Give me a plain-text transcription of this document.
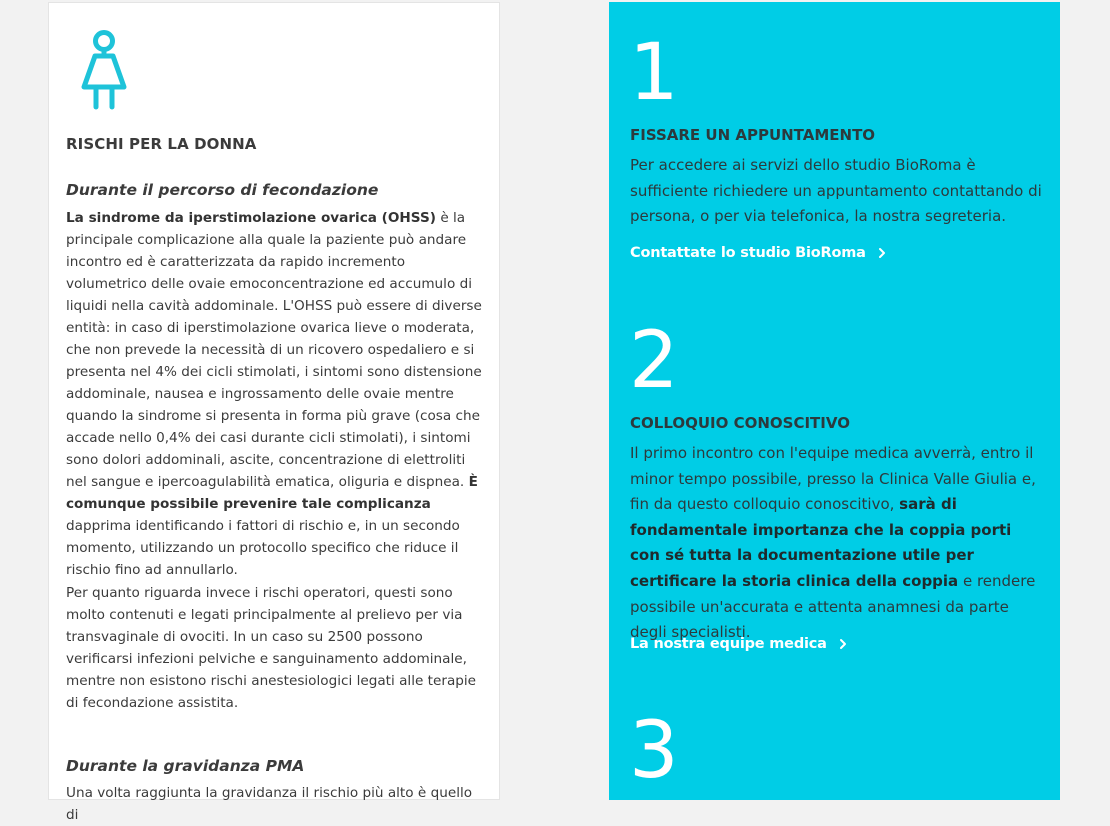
RISCHI PER LA DONNA
Durante il percorso di fecondazione

La sindrome da iperstimolazione ovarica (OHSS) è la principale complicazione alla quale la paziente può andare incontro ed è caratterizzata da rapido incremento volumetrico delle ovaie emoconcentrazione ed accumulo di liquidi nella cavità addominale. L'OHSS può essere di diverse entità: in caso di iperstimolazione ovarica lieve o moderata, che non prevede la necessità di un ricovero ospedaliero e si presenta nel 4% dei cicli stimolati, i sintomi sono distensione addominale, nausea e ingrossamento delle ovaie mentre quando la sindrome si presenta in forma più grave (cosa che accade nello 0,4% dei casi durante cicli stimolati), i sintomi sono dolori addominali, ascite, concentrazione di elettroliti nel sangue e ipercoagulabilità ematica, oliguria e dispnea. È comunque possibile prevenire tale complicanza dapprima identificando i fattori di rischio e, in un secondo momento, utilizzando un protocollo specifico che riduce il rischio fino ad annullarlo.

Per quanto riguarda invece i rischi operatori, questi sono molto contenuti e legati principalmente al prelievo per via transvaginale di ovociti. In un caso su 2500 possono verificarsi infezioni pelviche e sanguinamento addominale, mentre non esistono rischi anestesiologici legati alle terapie di fecondazione assistita.

Durante la gravidanza PMA

Una volta raggiunta la gravidanza il rischio più alto è quello di

1
FISSARE UN APPUNTAMENTO

Per accedere ai servizi dello studio BioRoma è sufficiente richiedere un appuntamento contattando di persona, o per via telefonica, la nostra segreteria.

Contattate lo studio BioRoma
2
COLLOQUIO CONOSCITIVO

Il primo incontro con l'equipe medica avverrà, entro il minor tempo possibile, presso la Clinica Valle Giulia e, fin da questo colloquio conoscitivo, sarà di fondamentale importanza che la coppia porti con sé tutta la documentazione utile per certificare la storia clinica della coppia e rendere possibile un'accurata e attenta anamnesi da parte degli specialisti.

La nostra equipe medica
3
